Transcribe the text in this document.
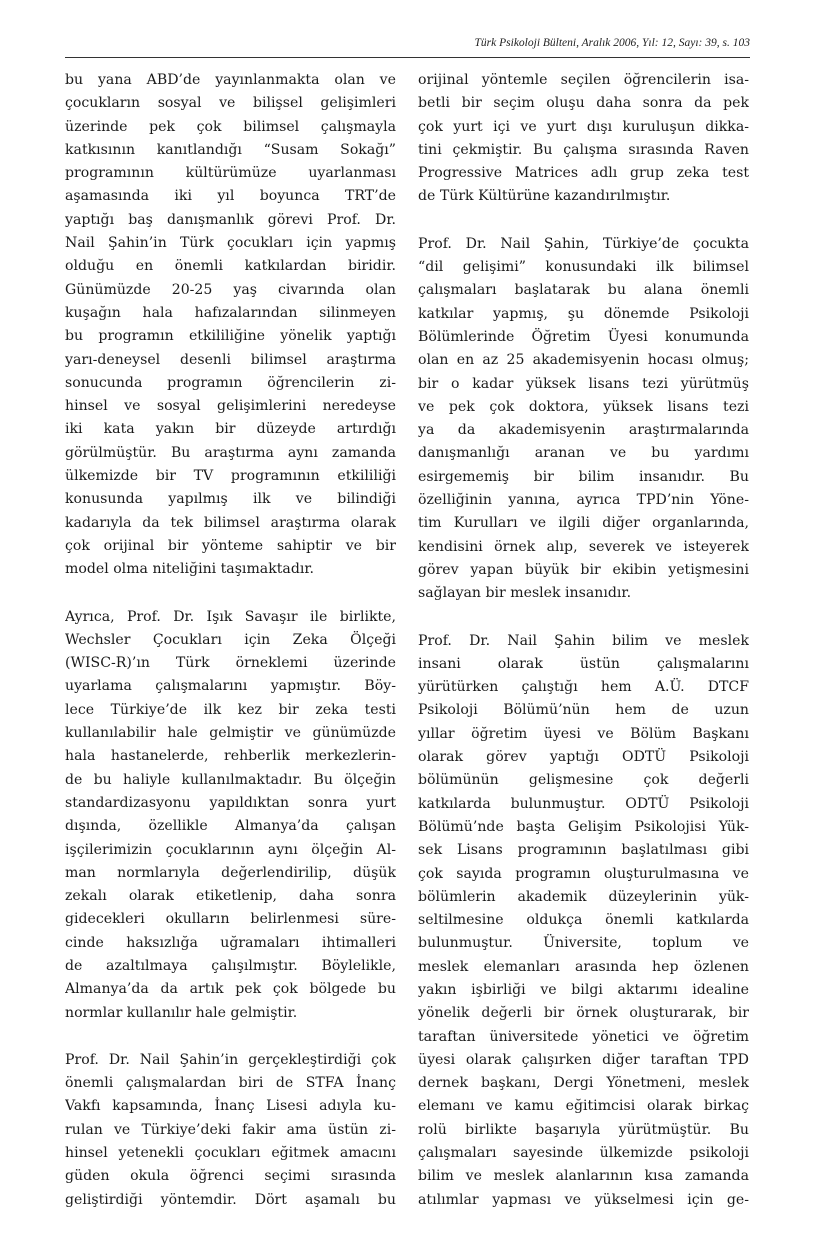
Türk Psikoloji Bülteni, Aralık 2006, Yıl: 12, Sayı: 39, s. 103
bu yana ABD’de yayınlanmakta olan ve
çocukların sosyal ve bilişsel gelişimleri
üzerinde pek çok bilimsel çalışmayla
katkısının kanıtlandığı “Susam Sokağı”
programının kültürümüze uyarlanması
aşamasında iki yıl boyunca TRT’de
yaptığı baş danışmanlık görevi Prof. Dr.
Nail Şahin’in Türk çocukları için yapmış
olduğu en önemli katkılardan biridir.
Günümüzde 20-25 yaş civarında olan
kuşağın hala hafızalarından silinmeyen
bu programın etkililiğine yönelik yaptığı
yarı-deneysel desenli bilimsel araştırma
sonucunda programın öğrencilerin zi-
hinsel ve sosyal gelişimlerini neredeyse
iki kata yakın bir düzeyde artırdığı
görülmüştür. Bu araştırma aynı zamanda
ülkemizde bir TV programının etkililiği
konusunda yapılmış ilk ve bilindiği
kadarıyla da tek bilimsel araştırma olarak
çok orijinal bir yönteme sahiptir ve bir
model olma niteliğini taşımaktadır.
Ayrıca, Prof. Dr. Işık Savaşır ile birlikte,
Wechsler Çocukları için Zeka Ölçeği
(WISC-R)’ın Türk örneklemi üzerinde
uyarlama çalışmalarını yapmıştır. Böy-
lece Türkiye’de ilk kez bir zeka testi
kullanılabilir hale gelmiştir ve günümüzde
hala hastanelerde, rehberlik merkezlerin-
de bu haliyle kullanılmaktadır. Bu ölçeğin
standardizasyonu yapıldıktan sonra yurt
dışında, özellikle Almanya’da çalışan
işçilerimizin çocuklarının aynı ölçeğin Al-
man normlarıyla değerlendirilip, düşük
zekalı olarak etiketlenip, daha sonra
gidecekleri okulların belirlenmesi süre-
cinde haksızlığa uğramaları ihtimalleri
de azaltılmaya çalışılmıştır. Böylelikle,
Almanya’da da artık pek çok bölgede bu
normlar kullanılır hale gelmiştir.
Prof. Dr. Nail Şahin’in gerçekleştirdiği çok
önemli çalışmalardan biri de STFA İnanç
Vakfı kapsamında, İnanç Lisesi adıyla ku-
rulan ve Türkiye’deki fakir ama üstün zi-
hinsel yetenekli çocukları eğitmek amacını
güden okula öğrenci seçimi sırasında
geliştirdiği yöntemdir. Dört aşamalı bu
orijinal yöntemle seçilen öğrencilerin isa-
betli bir seçim oluşu daha sonra da pek
çok yurt içi ve yurt dışı kuruluşun dikka-
tini çekmiştir. Bu çalışma sırasında Raven
Progressive Matrices adlı grup zeka test
de Türk Kültürüne kazandırılmıştır.
Prof. Dr. Nail Şahin, Türkiye’de çocukta
“dil gelişimi” konusundaki ilk bilimsel
çalışmaları başlatarak bu alana önemli
katkılar yapmış, şu dönemde Psikoloji
Bölümlerinde Öğretim Üyesi konumunda
olan en az 25 akademisyenin hocası olmuş;
bir o kadar yüksek lisans tezi yürütmüş
ve pek çok doktora, yüksek lisans tezi
ya da akademisyenin araştırmalarında
danışmanlığı aranan ve bu yardımı
esirgememiş bir bilim insanıdır. Bu
özelliğinin yanına, ayrıca TPD’nin Yöne-
tim Kurulları ve ilgili diğer organlarında,
kendisini örnek alıp, severek ve isteyerek
görev yapan büyük bir ekibin yetişmesini
sağlayan bir meslek insanıdır.
Prof. Dr. Nail Şahin bilim ve meslek
insani olarak üstün çalışmalarını
yürütürken çalıştığı hem A.Ü. DTCF
Psikoloji Bölümü’nün hem de uzun
yıllar öğretim üyesi ve Bölüm Başkanı
olarak görev yaptığı ODTÜ Psikoloji
bölümünün gelişmesine çok değerli
katkılarda bulunmuştur. ODTÜ Psikoloji
Bölümü’nde başta Gelişim Psikolojisi Yük-
sek Lisans programının başlatılması gibi
çok sayıda programın oluşturulmasına ve
bölümlerin akademik düzeylerinin yük-
seltilmesine oldukça önemli katkılarda
bulunmuştur. Üniversite, toplum ve
meslek elemanları arasında hep özlenen
yakın işbirliği ve bilgi aktarımı idealine
yönelik değerli bir örnek oluşturarak, bir
taraftan üniversitede yönetici ve öğretim
üyesi olarak çalışırken diğer taraftan TPD
dernek başkanı, Dergi Yönetmeni, meslek
elemanı ve kamu eğitimcisi olarak birkaç
rolü birlikte başarıyla yürütmüştür. Bu
çalışmaları sayesinde ülkemizde psikoloji
bilim ve meslek alanlarının kısa zamanda
atılımlar yapması ve yükselmesi için ge-
